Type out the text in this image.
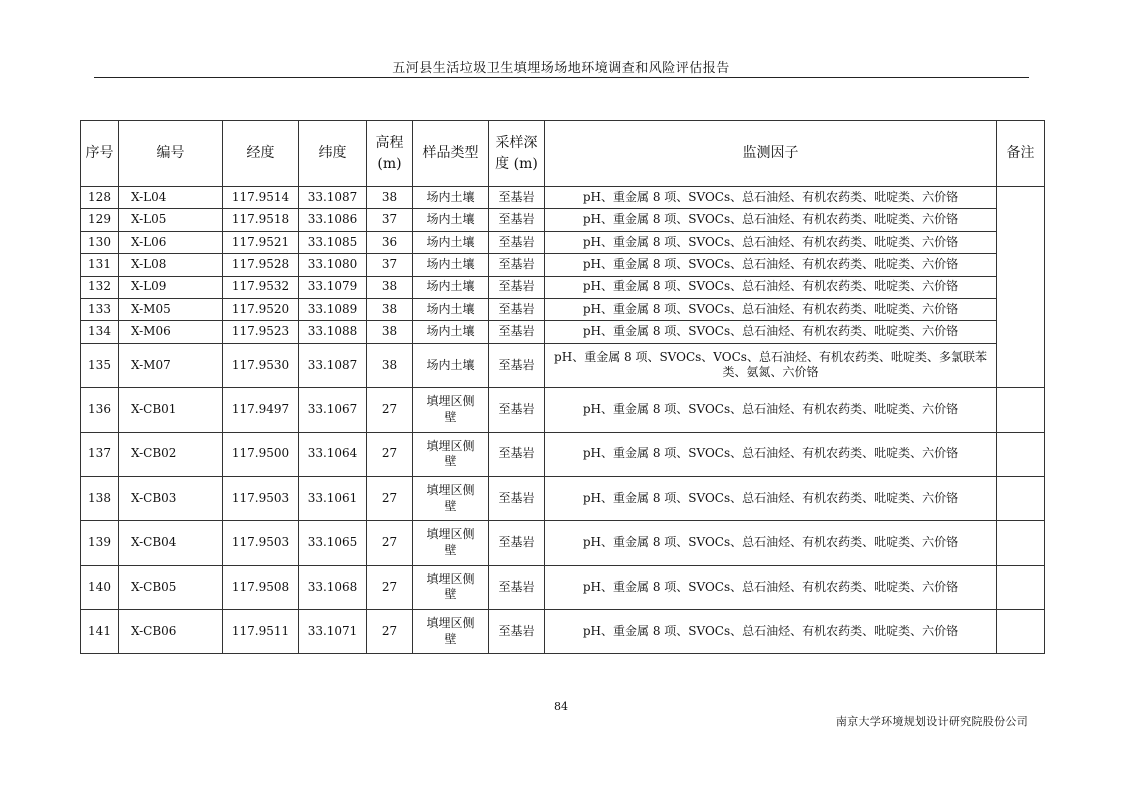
五河县生活垃圾卫生填埋场场地环境调查和风险评估报告
序号	编号	经度	纬度	高程 (m)	样品类型	采样深度 (m)	监测因子	备注
128	X-L04	117.9514	33.1087	38	场内土壤	至基岩	pH、重金属 8 项、SVOCs、总石油烃、有机农药类、吡啶类、六价铬	
129	X-L05	117.9518	33.1086	37	场内土壤	至基岩	pH、重金属 8 项、SVOCs、总石油烃、有机农药类、吡啶类、六价铬	
130	X-L06	117.9521	33.1085	36	场内土壤	至基岩	pH、重金属 8 项、SVOCs、总石油烃、有机农药类、吡啶类、六价铬	
131	X-L08	117.9528	33.1080	37	场内土壤	至基岩	pH、重金属 8 项、SVOCs、总石油烃、有机农药类、吡啶类、六价铬	
132	X-L09	117.9532	33.1079	38	场内土壤	至基岩	pH、重金属 8 项、SVOCs、总石油烃、有机农药类、吡啶类、六价铬	
133	X-M05	117.9520	33.1089	38	场内土壤	至基岩	pH、重金属 8 项、SVOCs、总石油烃、有机农药类、吡啶类、六价铬	
134	X-M06	117.9523	33.1088	38	场内土壤	至基岩	pH、重金属 8 项、SVOCs、总石油烃、有机农药类、吡啶类、六价铬	
135	X-M07	117.9530	33.1087	38	场内土壤	至基岩	pH、重金属 8 项、SVOCs、VOCs、总石油烃、有机农药类、吡啶类、多氯联苯类、氨氮、六价铬	
136	X-CB01	117.9497	33.1067	27	填埋区侧壁	至基岩	pH、重金属 8 项、SVOCs、总石油烃、有机农药类、吡啶类、六价铬	
137	X-CB02	117.9500	33.1064	27	填埋区侧壁	至基岩	pH、重金属 8 项、SVOCs、总石油烃、有机农药类、吡啶类、六价铬	
138	X-CB03	117.9503	33.1061	27	填埋区侧壁	至基岩	pH、重金属 8 项、SVOCs、总石油烃、有机农药类、吡啶类、六价铬	
139	X-CB04	117.9503	33.1065	27	填埋区侧壁	至基岩	pH、重金属 8 项、SVOCs、总石油烃、有机农药类、吡啶类、六价铬	
140	X-CB05	117.9508	33.1068	27	填埋区侧壁	至基岩	pH、重金属 8 项、SVOCs、总石油烃、有机农药类、吡啶类、六价铬	
141	X-CB06	117.9511	33.1071	27	填埋区侧壁	至基岩	pH、重金属 8 项、SVOCs、总石油烃、有机农药类、吡啶类、六价铬	
84
南京大学环境规划设计研究院股份公司
